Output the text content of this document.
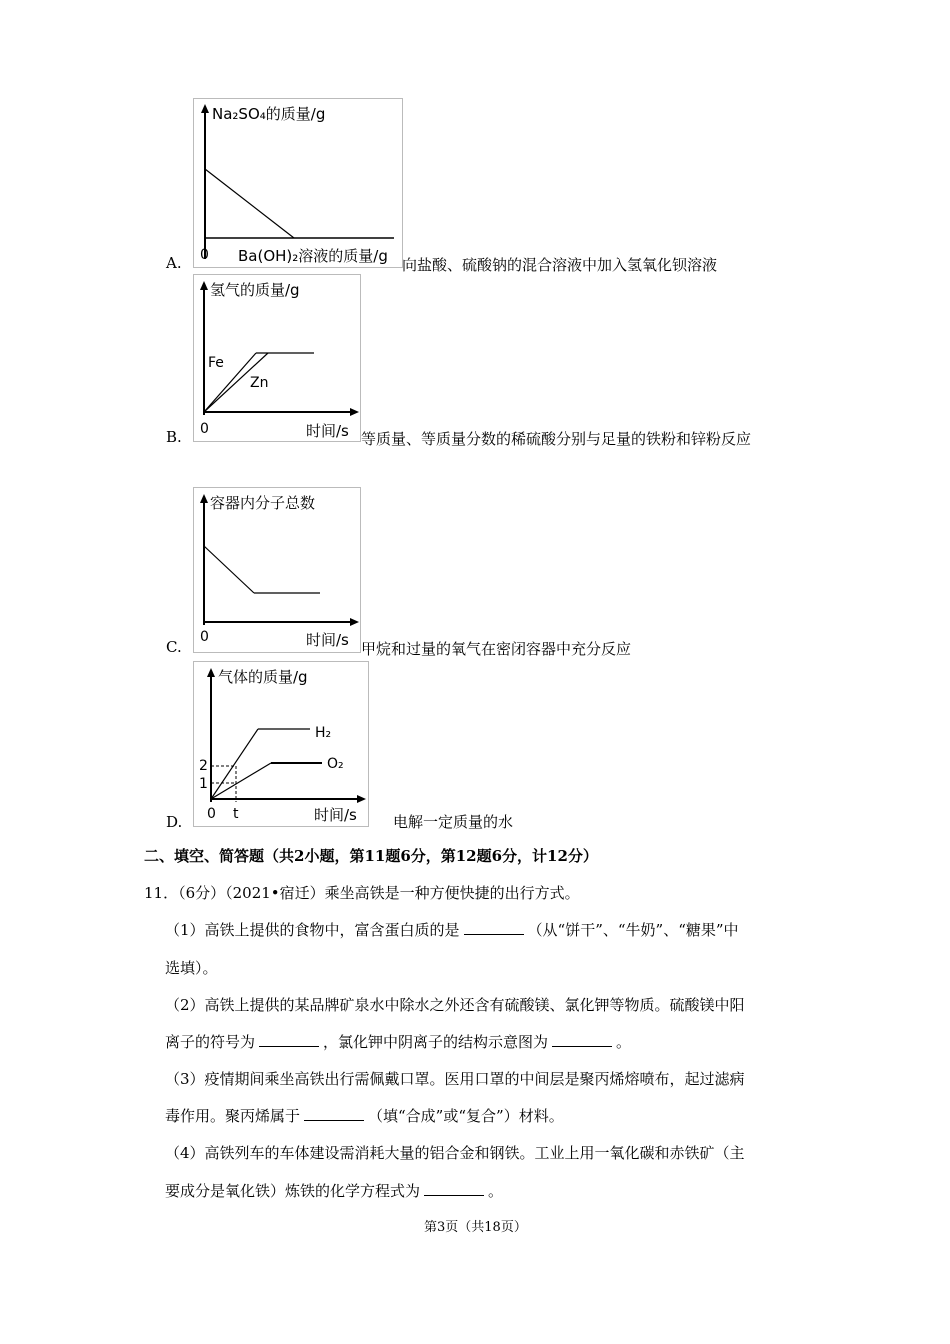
Na₂SO₄的质量/g
0 Ba(OH)₂溶液的质量/g
A.	向盐酸、硫酸钠的混合溶液中加入氢氧化钡溶液
氢气的质量/g
Fe
Zn
0	时间/s
B.	等质量、等质量分数的稀硫酸分别与足量的铁粉和锌粉反应
容器内分子总数
0	时间/s
C.	甲烷和过量的氧气在密闭容器中充分反应
气体的质量/g
H₂
O₂
2
1
0 t	时间/s
D.	电解一定质量的水
二、填空、简答题（共2小题，第11题6分，第12题6分，计12分）
11．（6分）（2021•宿迁）乘坐高铁是一种方便快捷的出行方式。
（1）高铁上提供的食物中，富含蛋白质的是	（从“饼干”、“牛奶”、“糖果”中
选填）。
（2）高铁上提供的某品牌矿泉水中除水之外还含有硫酸镁、氯化钾等物质。硫酸镁中阳
离子的符号为	，氯化钾中阴离子的结构示意图为	。
（3）疫情期间乘坐高铁出行需佩戴口罩。医用口罩的中间层是聚丙烯熔喷布，起过滤病
毒作用。聚丙烯属于	（填“合成”或“复合”）材料。
（4）高铁列车的车体建设需消耗大量的铝合金和钢铁。工业上用一氧化碳和赤铁矿（主
要成分是氧化铁）炼铁的化学方程式为	。
第3页（共18页）
